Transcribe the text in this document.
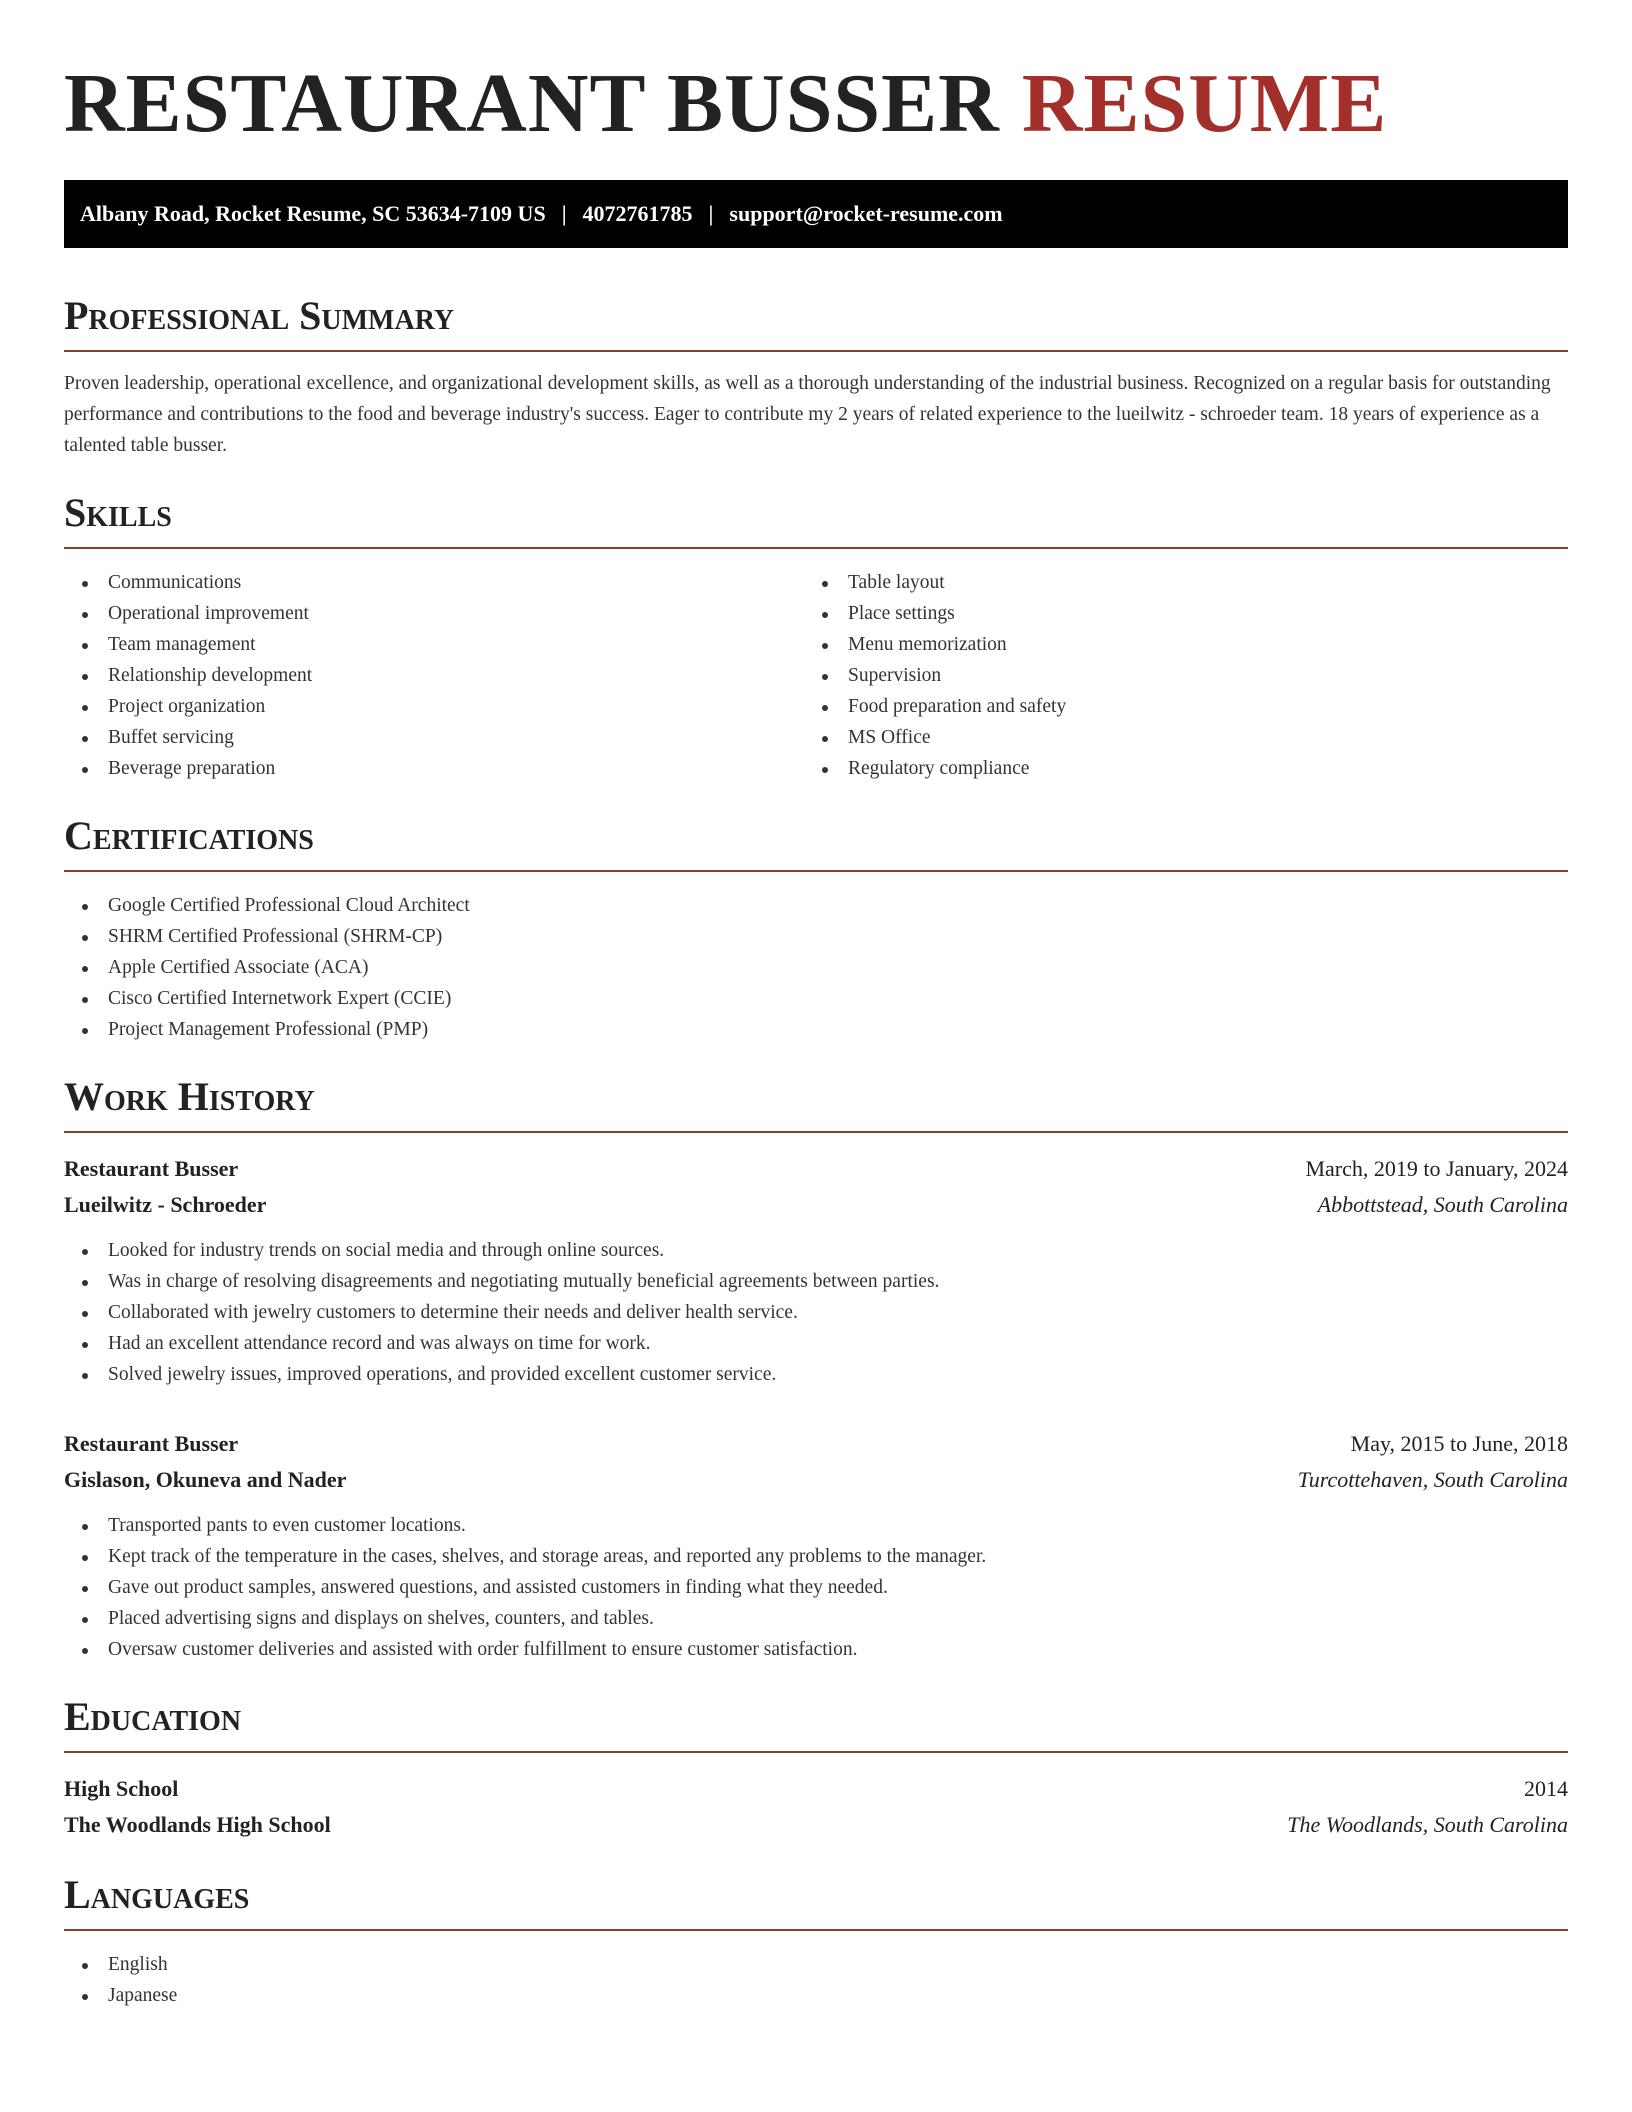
RESTAURANT BUSSER RESUME
Albany Road, Rocket Resume, SC 53634-7109 US | 4072761785 | support@rocket-resume.com
Professional Summary

Proven leadership, operational excellence, and organizational development skills, as well as a thorough understanding of the industrial business. Recognized on a regular basis for outstanding performance and contributions to the food and beverage industry's success. Eager to contribute my 2 years of related experience to the lueilwitz - schroeder team. 18 years of experience as a talented table busser.

Skills
Communications
Operational improvement
Team management
Relationship development
Project organization
Buffet servicing
Beverage preparation
Table layout
Place settings
Menu memorization
Supervision
Food preparation and safety
MS Office
Regulatory compliance
Certifications
Google Certified Professional Cloud Architect
SHRM Certified Professional (SHRM-CP)
Apple Certified Associate (ACA)
Cisco Certified Internetwork Expert (CCIE)
Project Management Professional (PMP)
Work History
Restaurant Busser	March, 2019 to January, 2024
Lueilwitz - Schroeder	Abbottstead, South Carolina
Looked for industry trends on social media and through online sources.
Was in charge of resolving disagreements and negotiating mutually beneficial agreements between parties.
Collaborated with jewelry customers to determine their needs and deliver health service.
Had an excellent attendance record and was always on time for work.
Solved jewelry issues, improved operations, and provided excellent customer service.
Restaurant Busser	May, 2015 to June, 2018
Gislason, Okuneva and Nader	Turcottehaven, South Carolina
Transported pants to even customer locations.
Kept track of the temperature in the cases, shelves, and storage areas, and reported any problems to the manager.
Gave out product samples, answered questions, and assisted customers in finding what they needed.
Placed advertising signs and displays on shelves, counters, and tables.
Oversaw customer deliveries and assisted with order fulfillment to ensure customer satisfaction.
Education
High School	2014
The Woodlands High School	The Woodlands, South Carolina
Languages
English
Japanese
